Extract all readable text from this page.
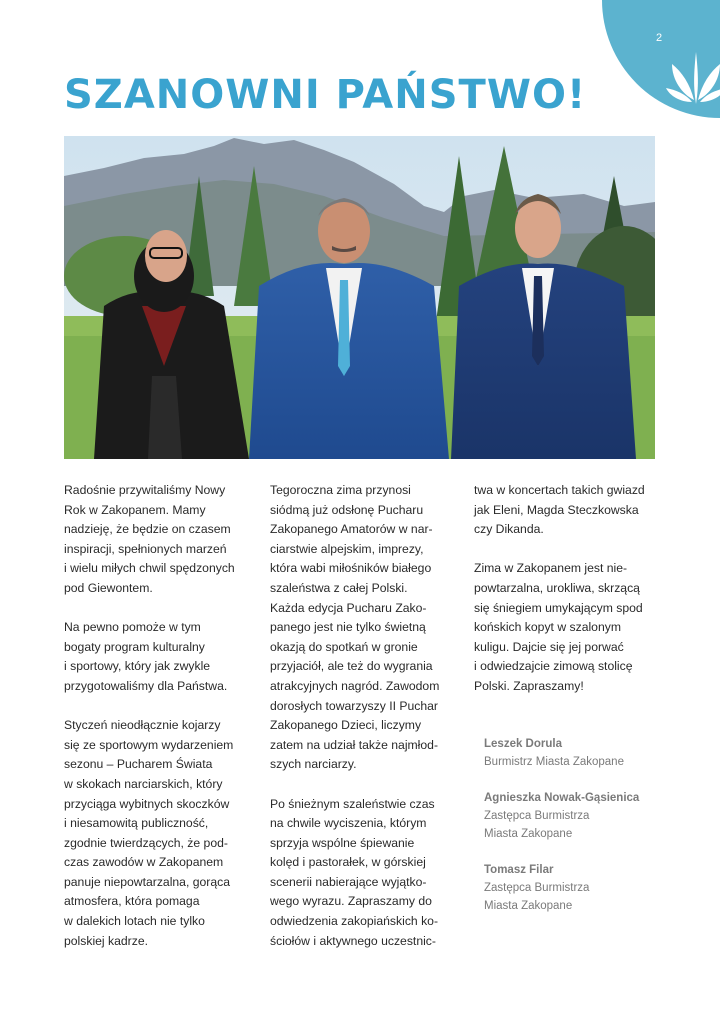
2
SZANOWNI PAŃSTWO!

Radośnie przywitaliśmy Nowy
Rok w Zakopanem. Mamy
nadzieję, że będzie on czasem
inspiracji, spełnionych marzeń
i wielu miłych chwil spędzonych
pod Giewontem.

Na pewno pomoże w tym
bogaty program kulturalny
i sportowy, który jak zwykle
przygotowaliśmy dla Państwa.

Styczeń nieodłącznie kojarzy
się ze sportowym wydarzeniem
sezonu – Pucharem Świata
w skokach narciarskich, który
przyciąga wybitnych skoczków
i niesamowitą publiczność,
zgodnie twierdzących, że pod-
czas zawodów w Zakopanem
panuje niepowtarzalna, gorąca
atmosfera, która pomaga
w dalekich lotach nie tylko
polskiej kadrze.

Tegoroczna zima przynosi
siódmą już odsłonę Pucharu
Zakopanego Amatorów w nar-
ciarstwie alpejskim, imprezy,
która wabi miłośników białego
szaleństwa z całej Polski.
Każda edycja Pucharu Zako-
panego jest nie tylko świetną
okazją do spotkań w gronie
przyjaciół, ale też do wygrania
atrakcyjnych nagród. Zawodom
dorosłych towarzyszy II Puchar
Zakopanego Dzieci, liczymy
zatem na udział także najmłod-
szych narciarzy.

Po śnieżnym szaleństwie czas
na chwile wyciszenia, którym
sprzyja wspólne śpiewanie
kolęd i pastorałek, w górskiej
scenerii nabierające wyjątko-
wego wyrazu. Zapraszamy do
odwiedzenia zakopiańskich ko-
ściołów i aktywnego uczestnic-

twa w koncertach takich gwiazd
jak Eleni, Magda Steczkowska
czy Dikanda.

Zima w Zakopanem jest nie-
powtarzalna, urokliwa, skrzącą
się śniegiem umykającym spod
końskich kopyt w szalonym
kuligu. Dajcie się jej porwać
i odwiedzajcie zimową stolicę
Polski. Zapraszamy!

Leszek Dorula
Burmistrz Miasta Zakopane
Agnieszka Nowak-Gąsienica
Zastępca Burmistrza
Miasta Zakopane
Tomasz Filar
Zastępca Burmistrza
Miasta Zakopane
